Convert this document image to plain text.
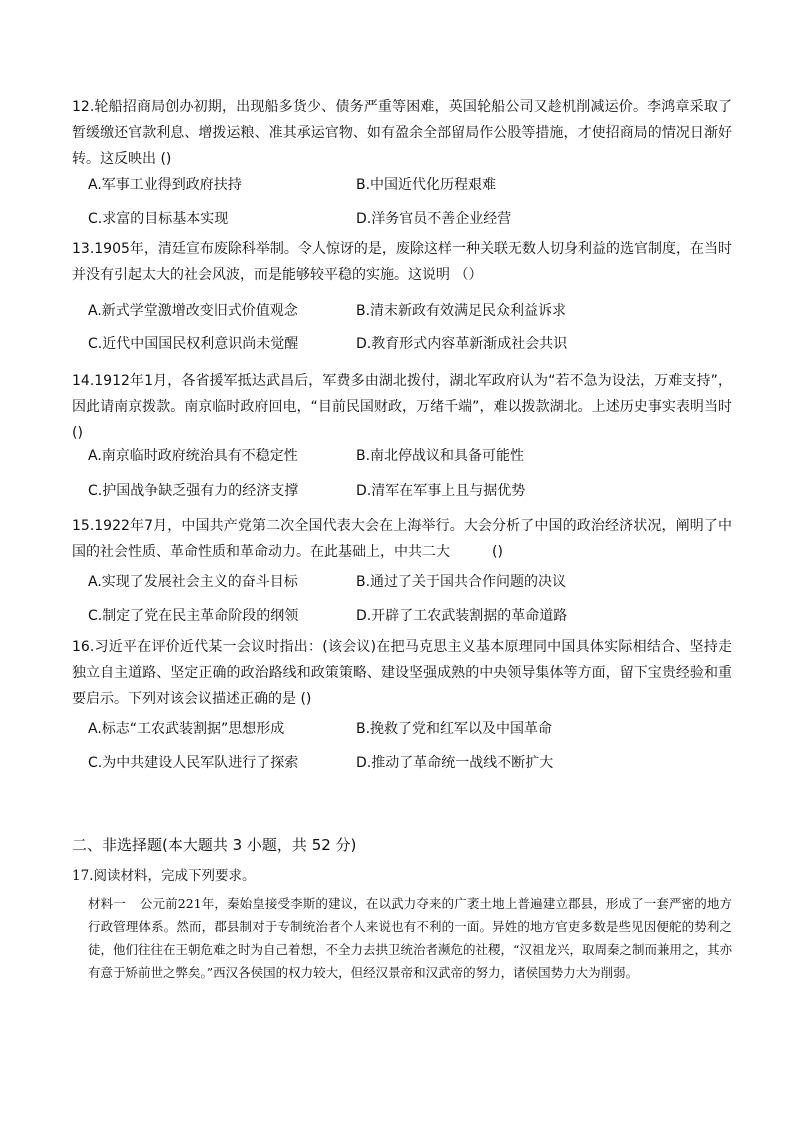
12.轮船招商局创办初期，出现船多货少、债务严重等困难，英国轮船公司又趁机削减运价。李鸿章采取了暂缓缴还官款利息、增拨运粮、准其承运官物、如有盈余全部留局作公股等措施，才使招商局的情况日渐好转。这反映出 ()

A.军事工业得到政府扶持	B.中国近代化历程艰难

C.求富的目标基本实现	D.洋务官员不善企业经营

13.1905年，清廷宣布废除科举制。令人惊讶的是，废除这样一种关联无数人切身利益的选官制度，在当时并没有引起太大的社会风波，而是能够较平稳的实施。这说明 （）

A.新式学堂激增改变旧式价值观念	B.清末新政有效满足民众利益诉求

C.近代中国国民权利意识尚未觉醒	D.教育形式内容革新渐成社会共识

14.1912年1月，各省援军抵达武昌后，军费多由湖北拨付，湖北军政府认为“若不急为设法，万难支持”，因此请南京拨款。南京临时政府回电，“目前民国财政，万绪千端”，难以拨款湖北。上述历史事实表明当时 ()

A.南京临时政府统治具有不稳定性	B.南北停战议和具备可能性

C.护国战争缺乏强有力的经济支撑	D.清军在军事上且与据优势

15.1922年7月，中国共产党第二次全国代表大会在上海举行。大会分析了中国的政治经济状况，阐明了中国的社会性质、革命性质和革命动力。在此基础上，中共二大　　　()

A.实现了发展社会主义的奋斗目标	B.通过了关于国共合作问题的决议

C.制定了党在民主革命阶段的纲领	D.开辟了工农武装割据的革命道路

16.习近平在评价近代某一会议时指出：(该会议)在把马克思主义基本原理同中国具体实际相结合、坚持走独立自主道路、坚定正确的政治路线和政策策略、建设坚强成熟的中央领导集体等方面，留下宝贵经验和重要启示。下列对该会议描述正确的是 ()

A.标志“工农武装割据”思想形成	B.挽救了党和红军以及中国革命

C.为中共建设人民军队进行了探索	D.推动了革命统一战线不断扩大

二、非选择题(本大题共 3 小题，共 52 分)

17.阅读材料，完成下列要求。

材料一 公元前221年，秦始皇接受李斯的建议，在以武力夺来的广袤土地上普遍建立郡县，形成了一套严密的地方行政管理体系。然而，郡县制对于专制统治者个人来说也有不利的一面。异姓的地方官吏多数是些见因便舵的势利之徒，他们往往在王朝危难之时为自己着想，不全力去拱卫统治者濒危的社稷，“汉祖龙兴，取周秦之制而兼用之，其亦有意于矫前世之弊矣。”西汉各侯国的权力较大，但经汉景帝和汉武帝的努力，诸侯国势力大为削弱。
